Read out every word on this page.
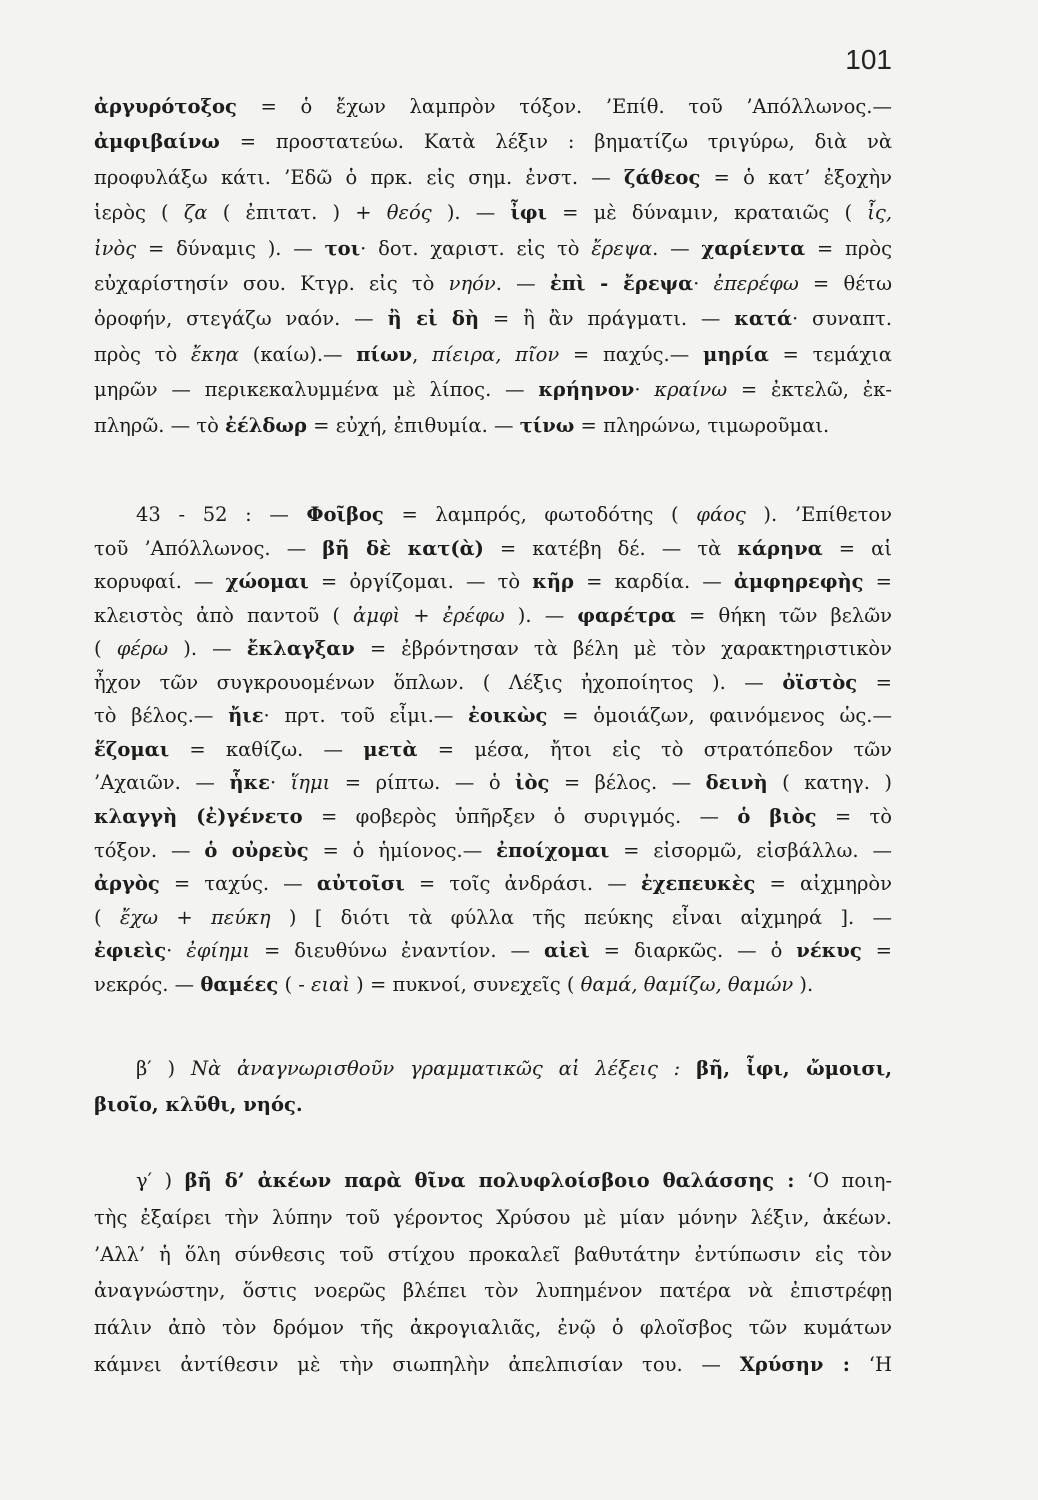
101
ἀργυρότοξος = ὁ ἔχων λαμπρὸν τόξον. ’Επίθ. τοῦ ’Απόλλωνος.—
ἀμφιβαίνω = προστατεύω. Κατὰ λέξιν : βηματίζω τριγύρω, διὰ νὰ
προφυλάξω κάτι. ’Εδῶ ὁ πρκ. εἰς σημ. ἐνστ. — ζάθεος = ὁ κατ’ ἐξοχὴν
ἱερὸς ( ζα ( ἐπιτατ. ) + θεός ). — ἶφι = μὲ δύναμιν, κραταιῶς ( ἶς,
ἰνὸς = δύναμις ). — τοι· δοτ. χαριστ. εἰς τὸ ἔρεψα. — χαρίεντα = πρὸς
εὐχαρίστησίν σου. Κτγρ. εἰς τὸ νηόν. — ἐπὶ - ἔρεψα· ἐπερέφω = θέτω
ὀροφήν, στεγάζω ναόν. — ἢ εἰ δὴ = ἢ ἂν πράγματι. — κατά· συναπτ.
πρὸς τὸ ἔκηα (καίω).— πίων, πίειρα, πῖον = παχύς.— μηρία = τεμάχια
μηρῶν — περικεκαλυμμένα μὲ λίπος. — κρήηνον· κραίνω = ἐκτελῶ, ἐκ-
πληρῶ. — τὸ ἐέλδωρ = εὐχή, ἐπιθυμία. — τίνω = πληρώνω, τιμωροῦμαι.
43 - 52 : — Φοῖβος = λαμπρός, φωτοδότης ( φάος ). ’Επίθετον
τοῦ ’Απόλλωνος. — βῆ δὲ κατ(ὰ) = κατέβη δέ. — τὰ κάρηνα = αἱ
κορυφαί. — χώομαι = ὀργίζομαι. — τὸ κῆρ = καρδία. — ἀμφηρεφὴς =
κλειστὸς ἀπὸ παντοῦ ( ἀμφὶ + ἐρέφω ). — φαρέτρα = θήκη τῶν βελῶν
( φέρω ). — ἔκλαγξαν = ἐβρόντησαν τὰ βέλη μὲ τὸν χαρακτηριστικὸν
ἦχον τῶν συγκρουομένων ὅπλων. ( Λέξις ἠχοποίητος ). — ὀϊστὸς =
τὸ βέλος.— ἤιε· πρτ. τοῦ εἶμι.— ἐοικὼς = ὁμοιάζων, φαινόμενος ὡς.—
ἕζομαι = καθίζω. — μετὰ = μέσα, ἤτοι εἰς τὸ στρατόπεδον τῶν
’Αχαιῶν. — ἧκε· ἵημι = ρίπτω. — ὁ ἰὸς = βέλος. — δεινὴ ( κατηγ. )
κλαγγὴ (ἐ)γένετο = φοβερὸς ὑπῆρξεν ὁ συριγμός. — ὁ βιὸς = τὸ
τόξον. — ὁ οὐρεὺς = ὁ ἡμίονος.— ἐποίχομαι = εἰσορμῶ, εἰσβάλλω. —
ἀργὸς = ταχύς. — αὐτοῖσι = τοῖς ἀνδράσι. — ἐχεπευκὲς = αἰχμηρὸν
( ἔχω + πεύκη ) [ διότι τὰ φύλλα τῆς πεύκης εἶναι αἰχμηρά ]. —
ἐφιεὶς· ἐφίημι = διευθύνω ἐναντίον. — αἰεὶ = διαρκῶς. — ὁ νέκυς =
νεκρός. — θαμέες ( - ειαὶ ) = πυκνοί, συνεχεῖς ( θαμά, θαμίζω, θαμών ).
β′ ) Νὰ ἀναγνωρισθοῦν γραμματικῶς αἱ λέξεις : βῆ, ἶφι, ὤμοισι,
βιοῖο, κλῦθι, νηός.
γ′ ) βῆ δ’ ἀκέων παρὰ θῖνα πολυφλοίσβοιο θαλάσσης : ‘Ο ποιη-
τὴς ἐξαίρει τὴν λύπην τοῦ γέροντος Χρύσου μὲ μίαν μόνην λέξιν, ἀκέων.
’Αλλ’ ἡ ὅλη σύνθεσις τοῦ στίχου προκαλεῖ βαθυτάτην ἐντύπωσιν εἰς τὸν
ἀναγνώστην, ὅστις νοερῶς βλέπει τὸν λυπημένον πατέρα νὰ ἐπιστρέφῃ
πάλιν ἀπὸ τὸν δρόμον τῆς ἀκρογιαλιᾶς, ἐνῷ ὁ φλοῖσβος τῶν κυμάτων
κάμνει ἀντίθεσιν μὲ τὴν σιωπηλὴν ἀπελπισίαν του. — Χρύσην : ‘Η
